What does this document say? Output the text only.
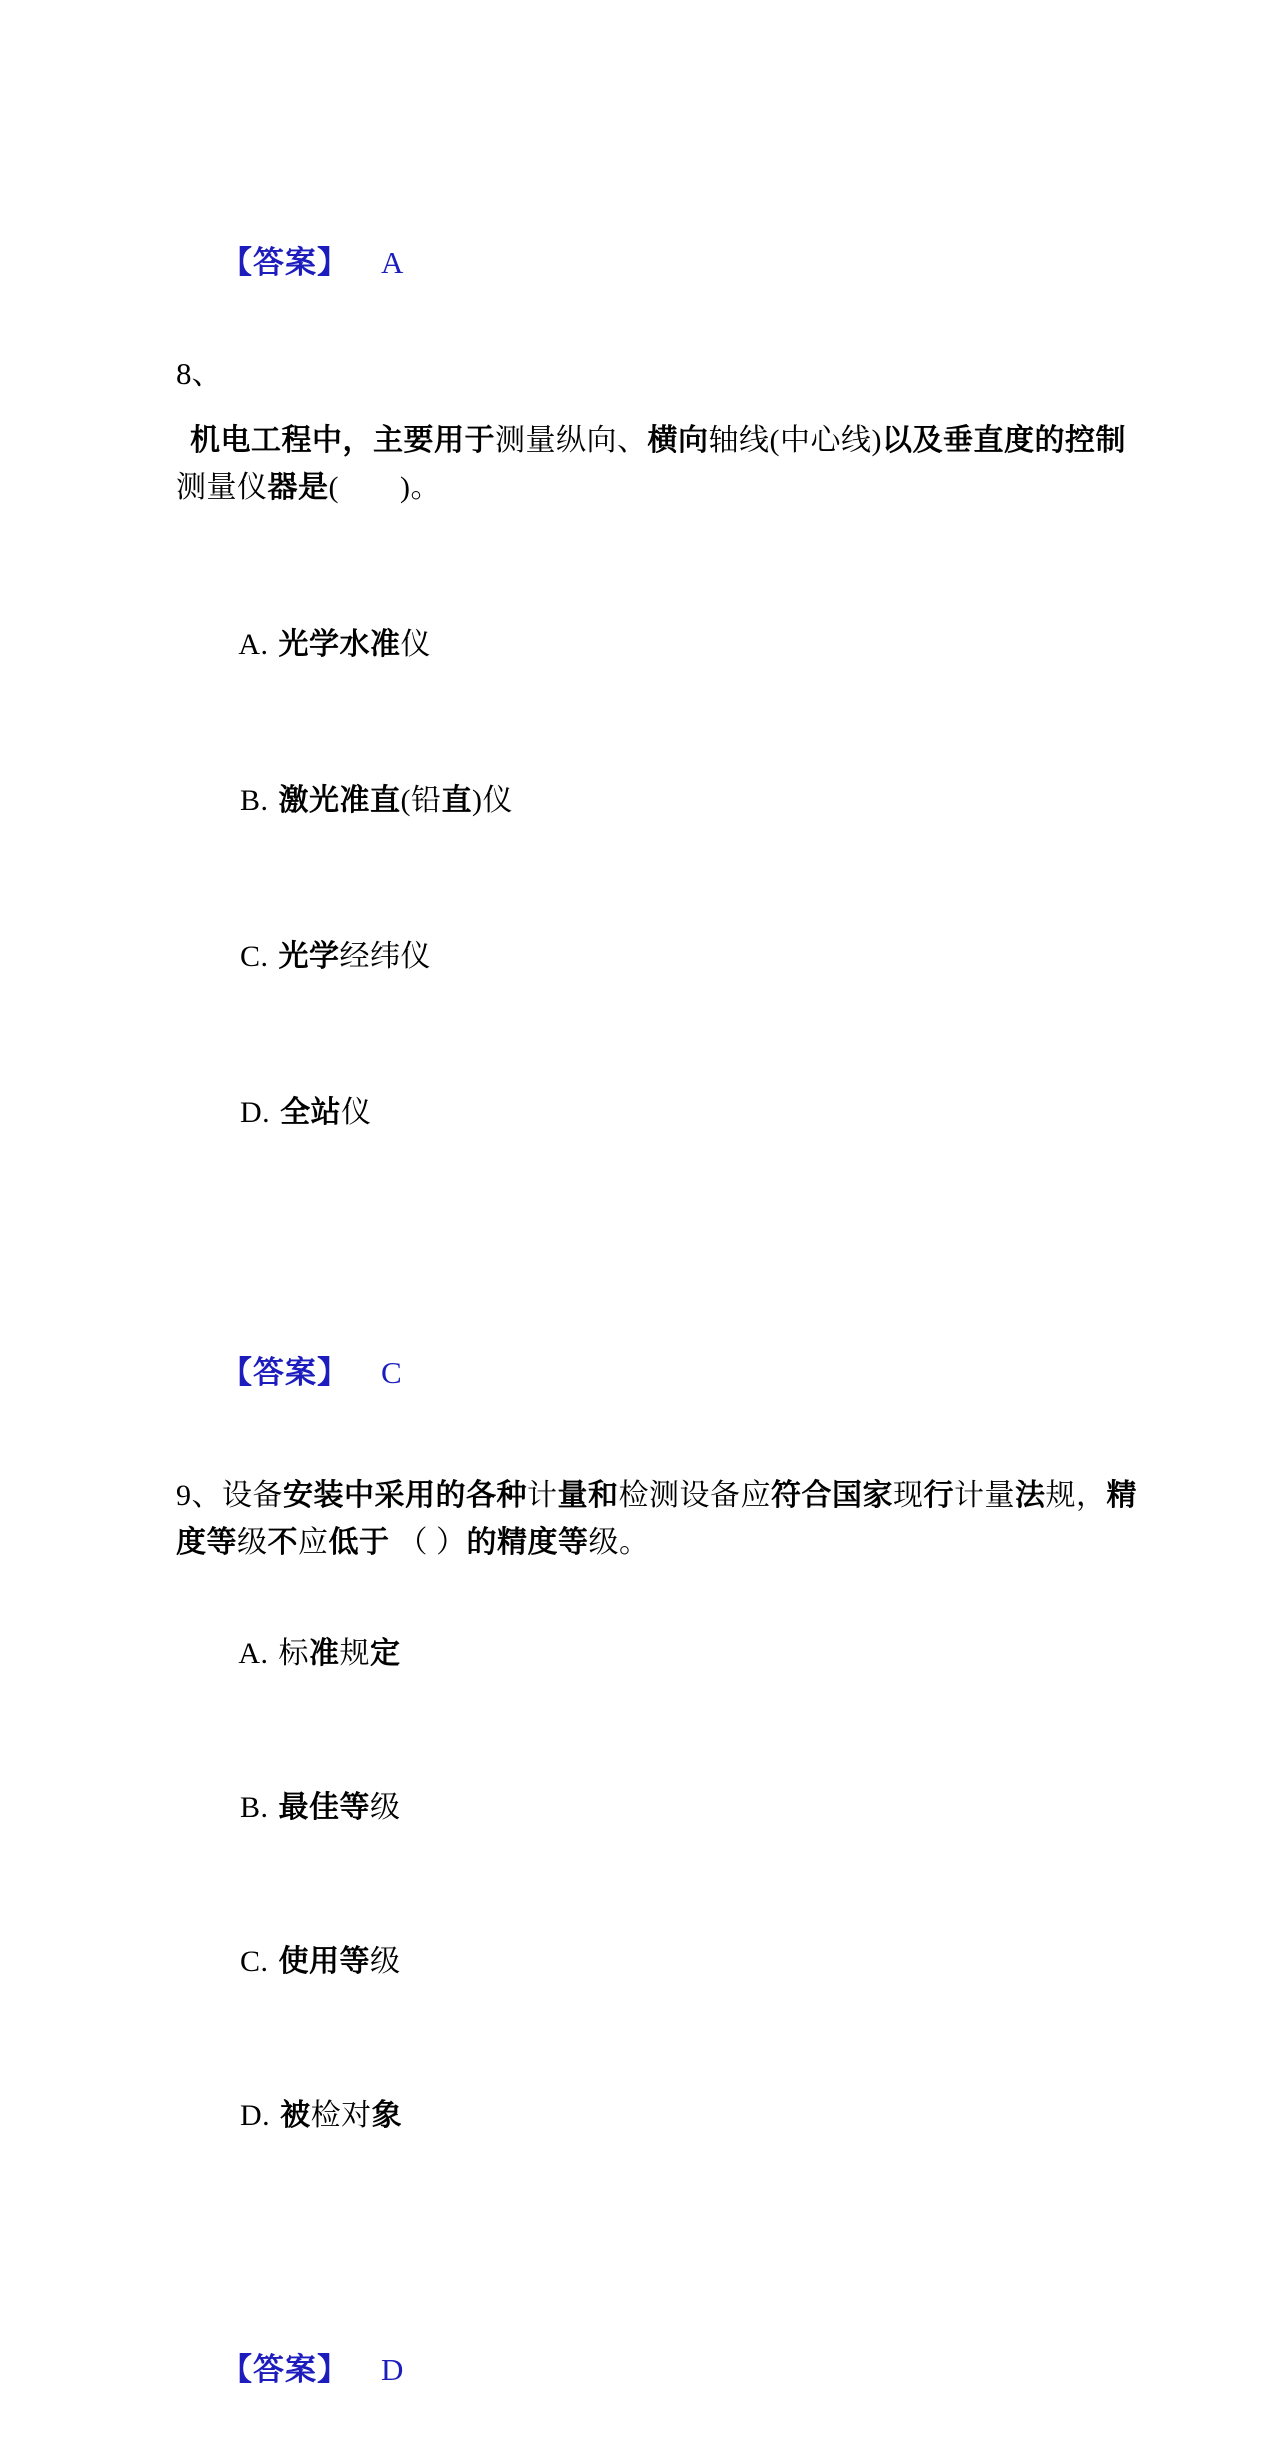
【答案】 A

8、

机电工程中，主要用于测量纵向、横向轴线(中心线)以及垂直度的控制

测量仪器是(　　)。

A. 光学水准仪

B. 激光准直(铅直)仪

C. 光学经纬仪

D. 全站仪

【答案】 C

9、设备安装中采用的各种计量和检测设备应符合国家现行计量法规，精

度等级不应低于 （ ）的精度等级。

A. 标准规定

B. 最佳等级

C. 使用等级

D. 被检对象

【答案】 D
